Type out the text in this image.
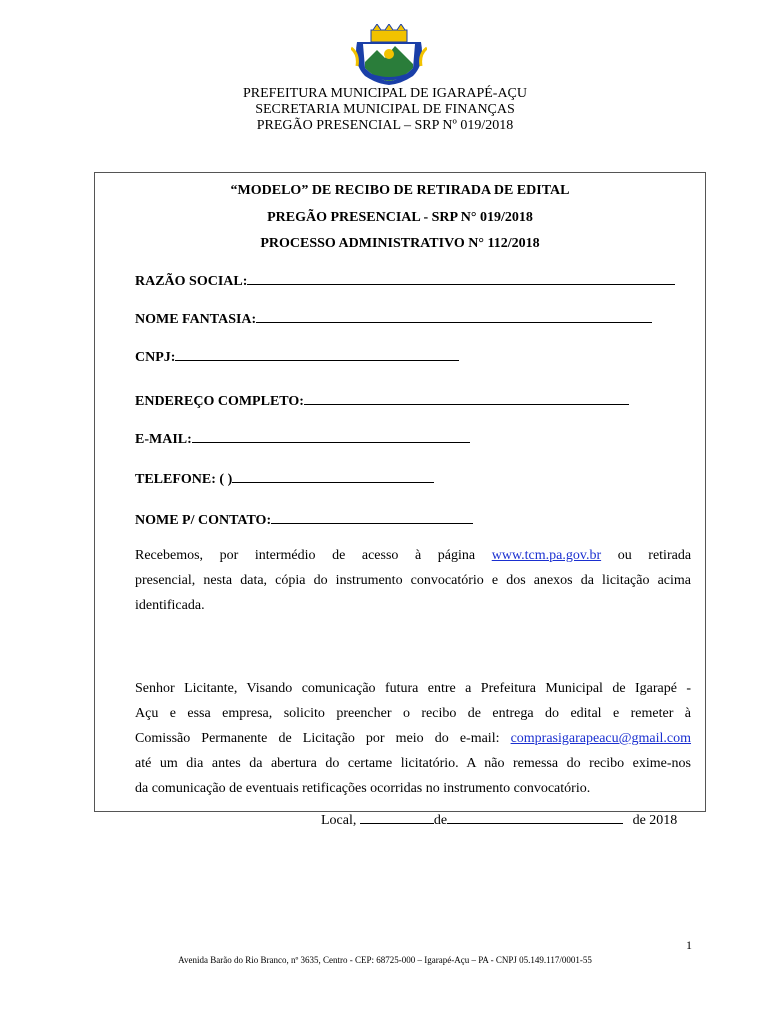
PREFEITURA MUNICIPAL DE IGARAPÉ-AÇU
SECRETARIA MUNICIPAL DE FINANÇAS
PREGÃO PRESENCIAL – SRP Nº 019/2018
“MODELO” DE RECIBO DE RETIRADA DE EDITAL
PREGÃO PRESENCIAL - SRP N° 019/2018
PROCESSO ADMINISTRATIVO N° 112/2018
RAZÃO SOCIAL:
NOME FANTASIA:
CNPJ:
ENDEREÇO COMPLETO:
E-MAIL:
TELEFONE: ( )
NOME P/ CONTATO:
Recebemos, por intermédio de acesso à página www.tcm.pa.gov.br ou retirada
presencial, nesta data, cópia do instrumento convocatório e dos anexos da licitação acima
identificada.
Local,	de	de 2018
Senhor Licitante, Visando comunicação futura entre a Prefeitura Municipal de Igarapé -
Açu e essa empresa, solicito preencher o recibo de entrega do edital e remeter à
Comissão Permanente de Licitação por meio do e-mail: comprasigarapeacu@gmail.com
até um dia antes da abertura do certame licitatório. A não remessa do recibo exime-nos
da comunicação de eventuais retificações ocorridas no instrumento convocatório.
1
Avenida Barão do Rio Branco, nº 3635, Centro - CEP: 68725-000 – Igarapé-Açu – PA - CNPJ 05.149.117/0001-55
